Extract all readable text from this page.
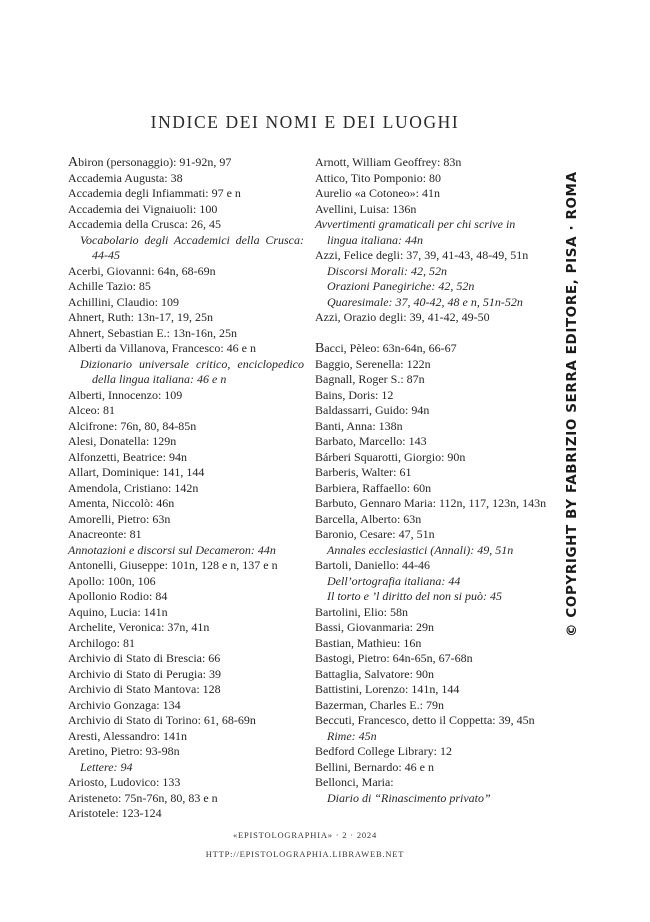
INDICE DEI NOMI E DEI LUOGHI
Abiron (personaggio): 91-92n, 97
Accademia Augusta: 38
Accademia degli Infiammati: 97 e n
Accademia dei Vignaiuoli: 100
Accademia della Crusca: 26, 45
Vocabolario degli Accademici della Crusca: 44-45
Acerbi, Giovanni: 64n, 68-69n
Achille Tazio: 85
Achillini, Claudio: 109
Ahnert, Ruth: 13n-17, 19, 25n
Ahnert, Sebastian E.: 13n-16n, 25n
Alberti da Villanova, Francesco: 46 e n
Dizionario universale critico, enciclopedico della lingua italiana: 46 e n
Alberti, Innocenzo: 109
Alceo: 81
Alcifrone: 76n, 80, 84-85n
Alesi, Donatella: 129n
Alfonzetti, Beatrice: 94n
Allart, Dominique: 141, 144
Amendola, Cristiano: 142n
Amenta, Niccolò: 46n
Amorelli, Pietro: 63n
Anacreonte: 81
Annotazioni e discorsi sul Decameron: 44n
Antonelli, Giuseppe: 101n, 128 e n, 137 e n
Apollo: 100n, 106
Apollonio Rodio: 84
Aquino, Lucia: 141n
Archelite, Veronica: 37n, 41n
Archilogo: 81
Archivio di Stato di Brescia: 66
Archivio di Stato di Perugia: 39
Archivio di Stato Mantova: 128
Archivio Gonzaga: 134
Archivio di Stato di Torino: 61, 68-69n
Aresti, Alessandro: 141n
Aretino, Pietro: 93-98n
Lettere: 94
Ariosto, Ludovico: 133
Aristeneto: 75n-76n, 80, 83 e n
Aristotele: 123-124
Arnott, William Geoffrey: 83n
Attico, Tito Pomponio: 80
Aurelio «a Cotoneo»: 41n
Avellini, Luisa: 136n
Avvertimenti gramaticali per chi scrive in lingua italiana: 44n
Azzi, Felice degli: 37, 39, 41-43, 48-49, 51n
Discorsi Morali: 42, 52n
Orazioni Panegiriche: 42, 52n
Quaresimale: 37, 40-42, 48 e n, 51n-52n
Azzi, Orazio degli: 39, 41-42, 49-50
Bacci, Pèleo: 63n-64n, 66-67
Baggio, Serenella: 122n
Bagnall, Roger S.: 87n
Bains, Doris: 12
Baldassarri, Guido: 94n
Banti, Anna: 138n
Barbato, Marcello: 143
Bárberi Squarotti, Giorgio: 90n
Barberis, Walter: 61
Barbiera, Raffaello: 60n
Barbuto, Gennaro Maria: 112n, 117, 123n, 143n
Barcella, Alberto: 63n
Baronio, Cesare: 47, 51n
Annales ecclesiastici (Annali): 49, 51n
Bartoli, Daniello: 44-46
Dell’ortografia italiana: 44
Il torto e ’l diritto del non si può: 45
Bartolini, Elio: 58n
Bassi, Giovanmaria: 29n
Bastian, Mathieu: 16n
Bastogi, Pietro: 64n-65n, 67-68n
Battaglia, Salvatore: 90n
Battistini, Lorenzo: 141n, 144
Bazerman, Charles E.: 79n
Beccuti, Francesco, detto il Coppetta: 39, 45n
Rime: 45n
Bedford College Library: 12
Bellini, Bernardo: 46 e n
Bellonci, Maria:
Diario di “Rinascimento privato”
«EPISTOLOGRAPHIA» · 2 · 2024
HTTP://EPISTOLOGRAPHIA.LIBRAWEB.NET
© COPYRIGHT BY FABRIZIO SERRA EDITORE, PISA · ROMA
